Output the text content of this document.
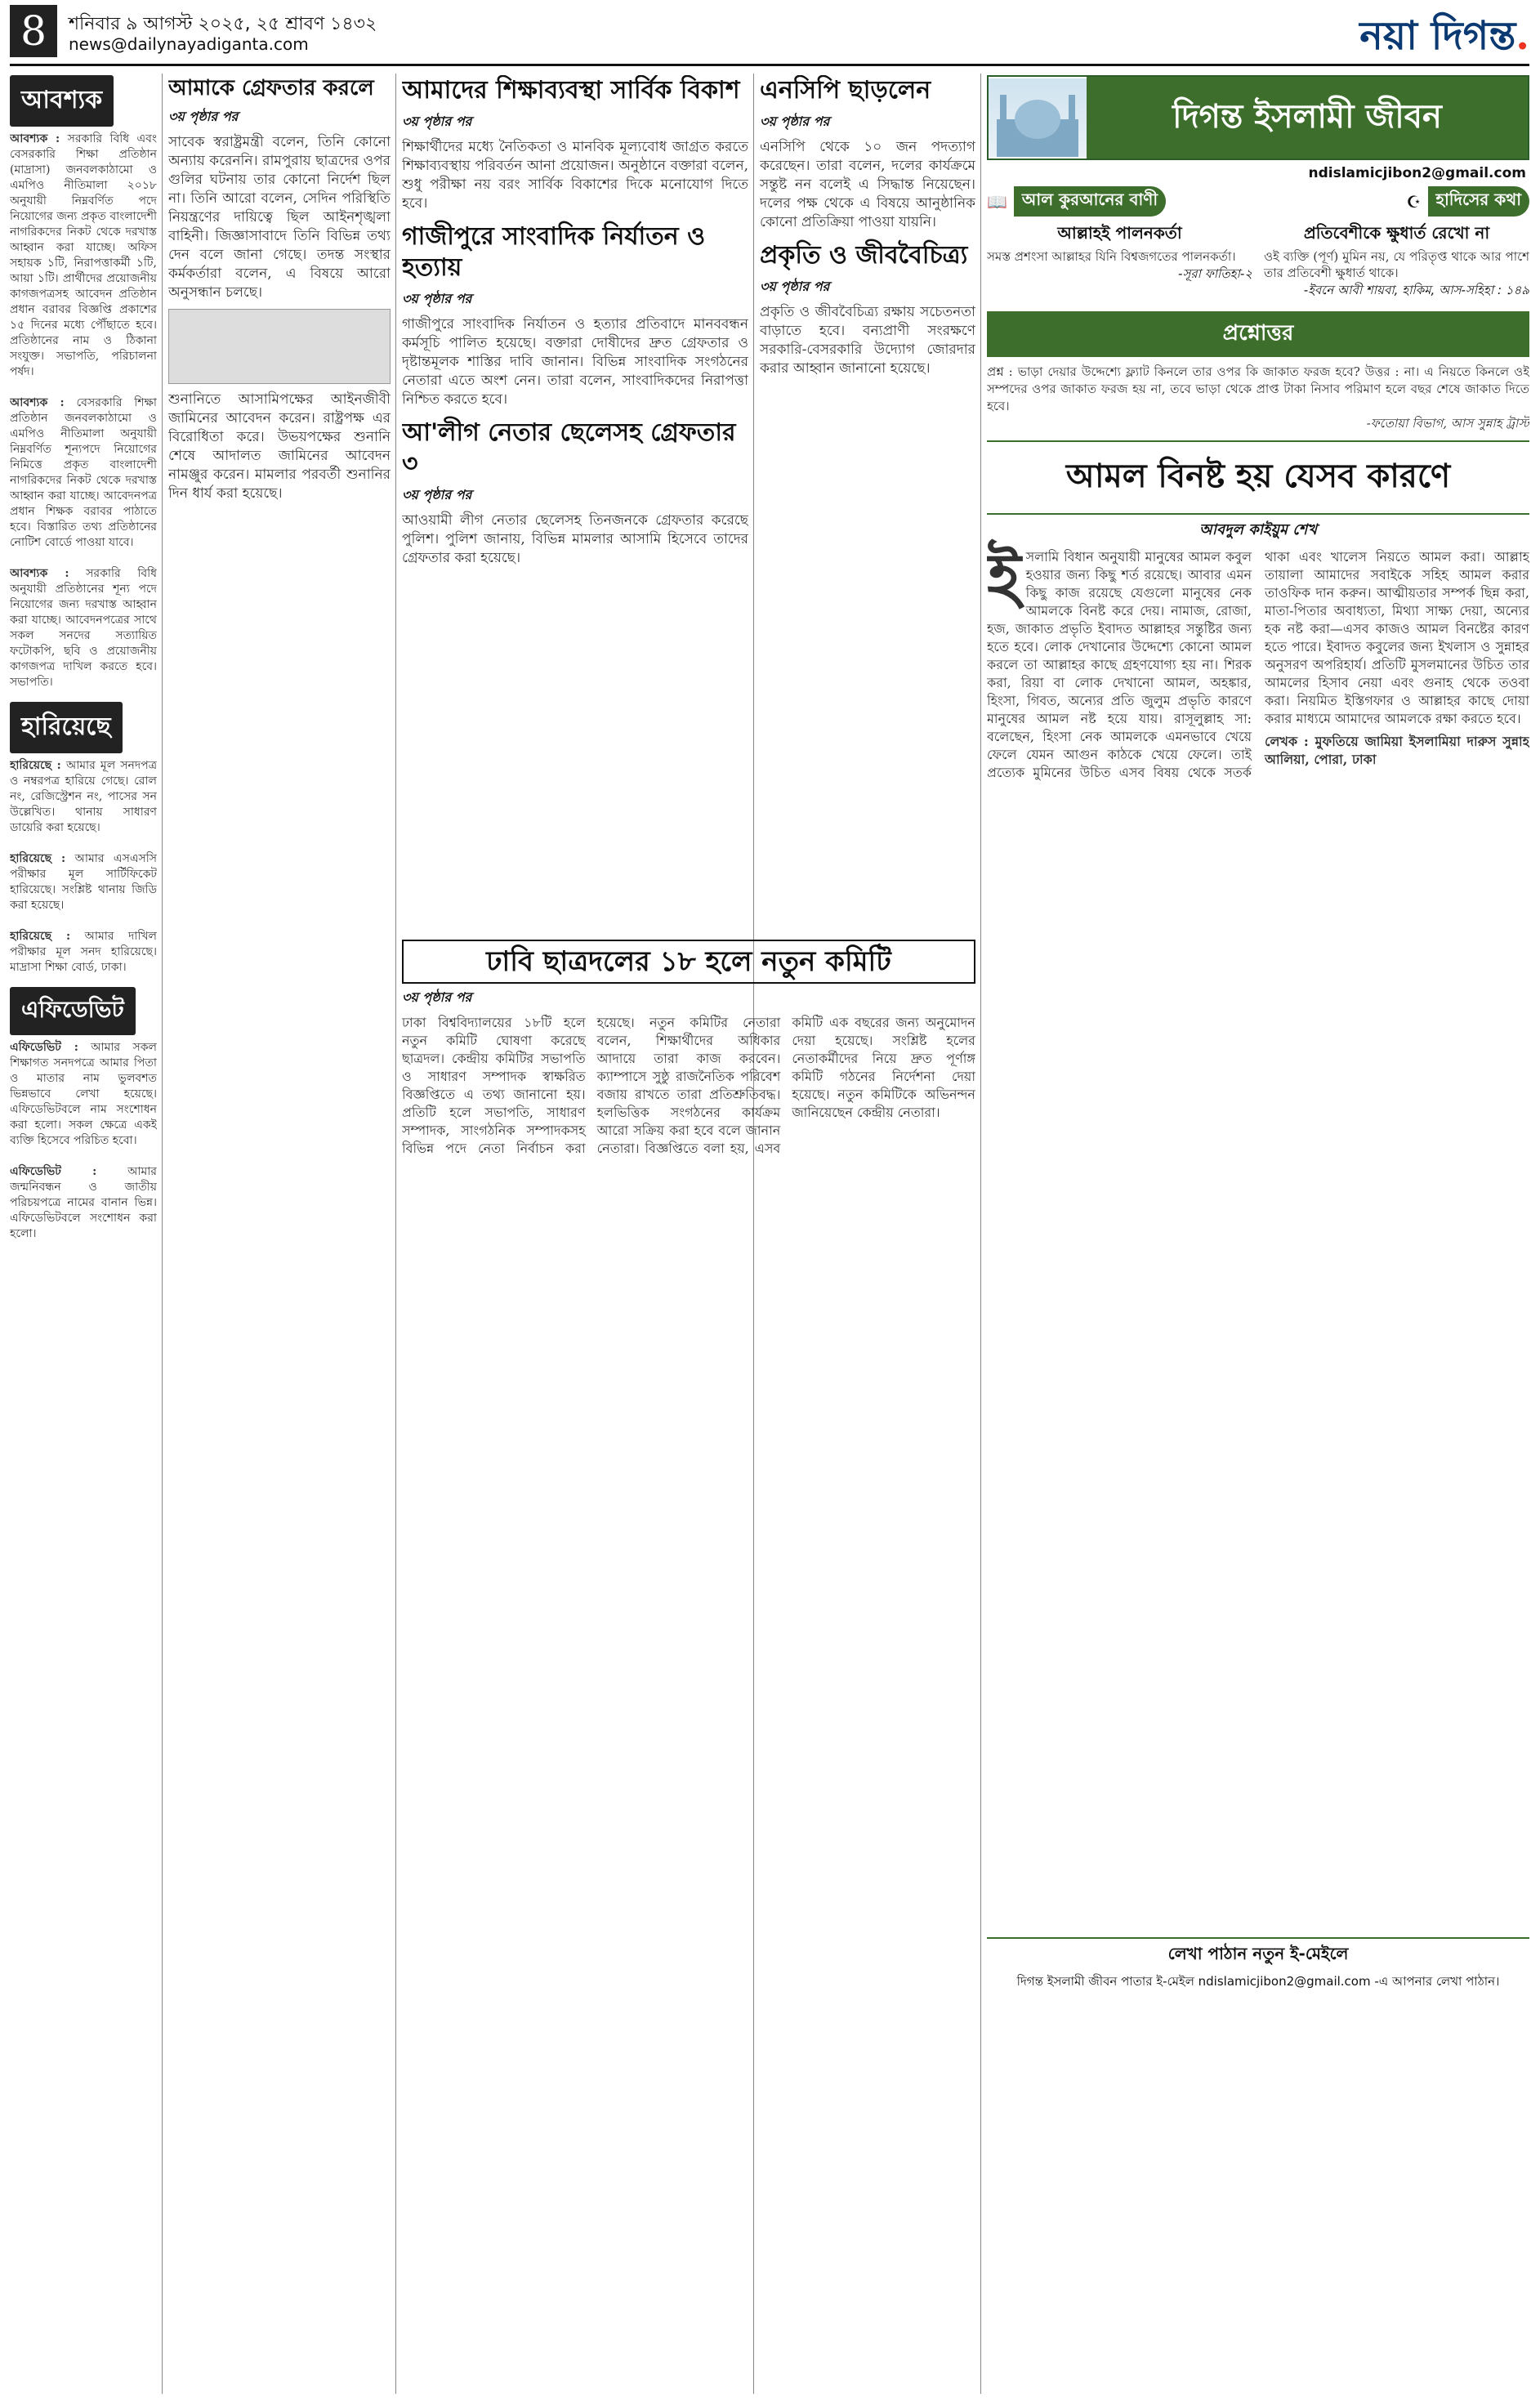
8	শনিবার ৯ আগস্ট ২০২৫, ২৫ শ্রাবণ ১৪৩২
news@dailynayadiganta.com	নয়া দিগন্ত.
আবশ্যক
আবশ্যক : সরকারি বিধি এবং বেসরকারি শিক্ষা প্রতিষ্ঠান (মাদ্রাসা) জনবলকাঠামো ও এমপিও নীতিমালা ২০১৮ অনুযায়ী নিম্নবর্ণিত পদে নিয়োগের জন্য প্রকৃত বাংলাদেশী নাগরিকদের নিকট থেকে দরখাস্ত আহ্বান করা যাচ্ছে। অফিস সহায়ক ১টি, নিরাপত্তাকর্মী ১টি, আয়া ১টি। প্রার্থীদের প্রয়োজনীয় কাগজপত্রসহ আবেদন প্রতিষ্ঠান প্রধান বরাবর বিজ্ঞপ্তি প্রকাশের ১৫ দিনের মধ্যে পৌঁছাতে হবে। প্রতিষ্ঠানের নাম ও ঠিকানা সংযুক্ত। সভাপতি, পরিচালনা পর্ষদ।

আবশ্যক : বেসরকারি শিক্ষা প্রতিষ্ঠান জনবলকাঠামো ও এমপিও নীতিমালা অনুযায়ী নিম্নবর্ণিত শূন্যপদে নিয়োগের নিমিত্তে প্রকৃত বাংলাদেশী নাগরিকদের নিকট থেকে দরখাস্ত আহ্বান করা যাচ্ছে। আবেদনপত্র প্রধান শিক্ষক বরাবর পাঠাতে হবে। বিস্তারিত তথ্য প্রতিষ্ঠানের নোটিশ বোর্ডে পাওয়া যাবে।

আবশ্যক : সরকারি বিধি অনুযায়ী প্রতিষ্ঠানের শূন্য পদে নিয়োগের জন্য দরখাস্ত আহ্বান করা যাচ্ছে। আবেদনপত্রের সাথে সকল সনদের সত্যায়িত ফটোকপি, ছবি ও প্রয়োজনীয় কাগজপত্র দাখিল করতে হবে। সভাপতি।
হারিয়েছে
হারিয়েছে : আমার মূল সনদপত্র ও নম্বরপত্র হারিয়ে গেছে। রোল নং, রেজিস্ট্রেশন নং, পাসের সন উল্লেখিত। থানায় সাধারণ ডায়েরি করা হয়েছে।

হারিয়েছে : আমার এসএসসি পরীক্ষার মূল সার্টিফিকেট হারিয়েছে। সংশ্লিষ্ট থানায় জিডি করা হয়েছে।

হারিয়েছে : আমার দাখিল পরীক্ষার মূল সনদ হারিয়েছে। মাদ্রাসা শিক্ষা বোর্ড, ঢাকা।
এফিডেভিট
এফিডেভিট : আমার সকল শিক্ষাগত সনদপত্রে আমার পিতা ও মাতার নাম ভুলবশত ভিন্নভাবে লেখা হয়েছে। এফিডেভিটবলে নাম সংশোধন করা হলো। সকল ক্ষেত্রে একই ব্যক্তি হিসেবে পরিচিত হবো।

এফিডেভিট : আমার জন্মনিবন্ধন ও জাতীয় পরিচয়পত্রে নামের বানান ভিন্ন। এফিডেভিটবলে সংশোধন করা হলো।
আমাকে গ্রেফতার করলে
৩য় পৃষ্ঠার পর
সাবেক স্বরাষ্ট্রমন্ত্রী বলেন, তিনি কোনো অন্যায় করেননি। রামপুরায় ছাত্রদের ওপর গুলির ঘটনায় তার কোনো নির্দেশ ছিল না। তিনি আরো বলেন, সেদিন পরিস্থিতি নিয়ন্ত্রণের দায়িত্বে ছিল আইনশৃঙ্খলা বাহিনী। জিজ্ঞাসাবাদে তিনি বিভিন্ন তথ্য দেন বলে জানা গেছে। তদন্ত সংস্থার কর্মকর্তারা বলেন, এ বিষয়ে আরো অনুসন্ধান চলছে।
শুনানিতে আসামিপক্ষের আইনজীবী জামিনের আবেদন করেন। রাষ্ট্রপক্ষ এর বিরোধিতা করে। উভয়পক্ষের শুনানি শেষে আদালত জামিনের আবেদন নামঞ্জুর করেন। মামলার পরবর্তী শুনানির দিন ধার্য করা হয়েছে।
আমাদের শিক্ষাব্যবস্থা সার্বিক বিকাশ
৩য় পৃষ্ঠার পর
শিক্ষার্থীদের মধ্যে নৈতিকতা ও মানবিক মূল্যবোধ জাগ্রত করতে শিক্ষাব্যবস্থায় পরিবর্তন আনা প্রয়োজন। অনুষ্ঠানে বক্তারা বলেন, শুধু পরীক্ষা নয় বরং সার্বিক বিকাশের দিকে মনোযোগ দিতে হবে।
গাজীপুরে সাংবাদিক নির্যাতন ও হত্যায়
৩য় পৃষ্ঠার পর
গাজীপুরে সাংবাদিক নির্যাতন ও হত্যার প্রতিবাদে মানববন্ধন কর্মসূচি পালিত হয়েছে। বক্তারা দোষীদের দ্রুত গ্রেফতার ও দৃষ্টান্তমূলক শাস্তির দাবি জানান। বিভিন্ন সাংবাদিক সংগঠনের নেতারা এতে অংশ নেন। তারা বলেন, সাংবাদিকদের নিরাপত্তা নিশ্চিত করতে হবে।
আ'লীগ নেতার ছেলেসহ গ্রেফতার ৩
৩য় পৃষ্ঠার পর
আওয়ামী লীগ নেতার ছেলেসহ তিনজনকে গ্রেফতার করেছে পুলিশ। পুলিশ জানায়, বিভিন্ন মামলার আসামি হিসেবে তাদের গ্রেফতার করা হয়েছে।
এনসিপি ছাড়লেন
৩য় পৃষ্ঠার পর
এনসিপি থেকে ১০ জন পদত্যাগ করেছেন। তারা বলেন, দলের কার্যক্রমে সন্তুষ্ট নন বলেই এ সিদ্ধান্ত নিয়েছেন। দলের পক্ষ থেকে এ বিষয়ে আনুষ্ঠানিক কোনো প্রতিক্রিয়া পাওয়া যায়নি।
প্রকৃতি ও জীববৈচিত্র্য
৩য় পৃষ্ঠার পর
প্রকৃতি ও জীববৈচিত্র্য রক্ষায় সচেতনতা বাড়াতে হবে। বন্যপ্রাণী সংরক্ষণে সরকারি-বেসরকারি উদ্যোগ জোরদার করার আহ্বান জানানো হয়েছে।
ঢাবি ছাত্রদলের ১৮ হলে নতুন কমিটি
৩য় পৃষ্ঠার পর
ঢাকা বিশ্ববিদ্যালয়ের ১৮টি হলে নতুন কমিটি ঘোষণা করেছে ছাত্রদল। কেন্দ্রীয় কমিটির সভাপতি ও সাধারণ সম্পাদক স্বাক্ষরিত বিজ্ঞপ্তিতে এ তথ্য জানানো হয়। প্রতিটি হলে সভাপতি, সাধারণ সম্পাদক, সাংগঠনিক সম্পাদকসহ বিভিন্ন পদে নেতা নির্বাচন করা হয়েছে। নতুন কমিটির নেতারা বলেন, শিক্ষার্থীদের অধিকার আদায়ে তারা কাজ করবেন। ক্যাম্পাসে সুষ্ঠু রাজনৈতিক পরিবেশ বজায় রাখতে তারা প্রতিশ্রুতিবদ্ধ। হলভিত্তিক সংগঠনের কার্যক্রম আরো সক্রিয় করা হবে বলে জানান নেতারা। বিজ্ঞপ্তিতে বলা হয়, এসব কমিটি এক বছরের জন্য অনুমোদন দেয়া হয়েছে। সংশ্লিষ্ট হলের নেতাকর্মীদের নিয়ে দ্রুত পূর্ণাঙ্গ কমিটি গঠনের নির্দেশনা দেয়া হয়েছে। নতুন কমিটিকে অভিনন্দন জানিয়েছেন কেন্দ্রীয় নেতারা।
দিগন্ত ইসলামী জীবন
ndislamicjibon2@gmail.com
📖 আল কুরআনের বাণী	☪ হাদিসের কথা
আল্লাহই পালনকর্তা
সমস্ত প্রশংসা আল্লাহর যিনি বিশ্বজগতের পালনকর্তা।
-সূরা ফাতিহা-২
প্রতিবেশীকে ক্ষুধার্ত রেখো না
ওই ব্যক্তি (পূর্ণ) মুমিন নয়, যে পরিতৃপ্ত থাকে আর পাশে তার প্রতিবেশী ক্ষুধার্ত থাকে।
-ইবনে আবী শায়বা, হাকিম, আস-সহিহা : ১৪৯
প্রশ্নোত্তর
প্রশ্ন : ভাড়া দেয়ার উদ্দেশ্যে ফ্ল্যাট কিনলে তার ওপর কি জাকাত ফরজ হবে? উত্তর : না। এ নিয়তে কিনলে ওই সম্পদের ওপর জাকাত ফরজ হয় না, তবে ভাড়া থেকে প্রাপ্ত টাকা নিসাব পরিমাণ হলে বছর শেষে জাকাত দিতে হবে।
-ফতোয়া বিভাগ, আস সুন্নাহ ট্রাস্ট
আমল বিনষ্ট হয় যেসব কারণে
আবদুল কাইয়ুম শেখ
ইসলামি বিধান অনুযায়ী মানুষের আমল কবুল হওয়ার জন্য কিছু শর্ত রয়েছে। আবার এমন কিছু কাজ রয়েছে যেগুলো মানুষের নেক আমলকে বিনষ্ট করে দেয়। নামাজ, রোজা, হজ, জাকাত প্রভৃতি ইবাদত আল্লাহর সন্তুষ্টির জন্য হতে হবে। লোক দেখানোর উদ্দেশ্যে কোনো আমল করলে তা আল্লাহর কাছে গ্রহণযোগ্য হয় না। শিরক করা, রিয়া বা লোক দেখানো আমল, অহঙ্কার, হিংসা, গিবত, অন্যের প্রতি জুলুম প্রভৃতি কারণে মানুষের আমল নষ্ট হয়ে যায়। রাসূলুল্লাহ সা: বলেছেন, হিংসা নেক আমলকে এমনভাবে খেয়ে ফেলে যেমন আগুন কাঠকে খেয়ে ফেলে। তাই প্রত্যেক মুমিনের উচিত এসব বিষয় থেকে সতর্ক থাকা এবং খালেস নিয়তে আমল করা। আল্লাহ তায়ালা আমাদের সবাইকে সহিহ আমল করার তাওফিক দান করুন। আত্মীয়তার সম্পর্ক ছিন্ন করা, মাতা-পিতার অবাধ্যতা, মিথ্যা সাক্ষ্য দেয়া, অন্যের হক নষ্ট করা—এসব কাজও আমল বিনষ্টের কারণ হতে পারে। ইবাদত কবুলের জন্য ইখলাস ও সুন্নাহর অনুসরণ অপরিহার্য। প্রতিটি মুসলমানের উচিত তার আমলের হিসাব নেয়া এবং গুনাহ থেকে তওবা করা। নিয়মিত ইস্তিগফার ও আল্লাহর কাছে দোয়া করার মাধ্যমে আমাদের আমলকে রক্ষা করতে হবে।
লেখক : মুফতিয়ে জামিয়া ইসলামিয়া দারুস সুন্নাহ আলিয়া, পোরা, ঢাকা
লেখা পাঠান নতুন ই-মেইলে
দিগন্ত ইসলামী জীবন পাতার ই-মেইল ndislamicjibon2@gmail.com -এ আপনার লেখা পাঠান।
